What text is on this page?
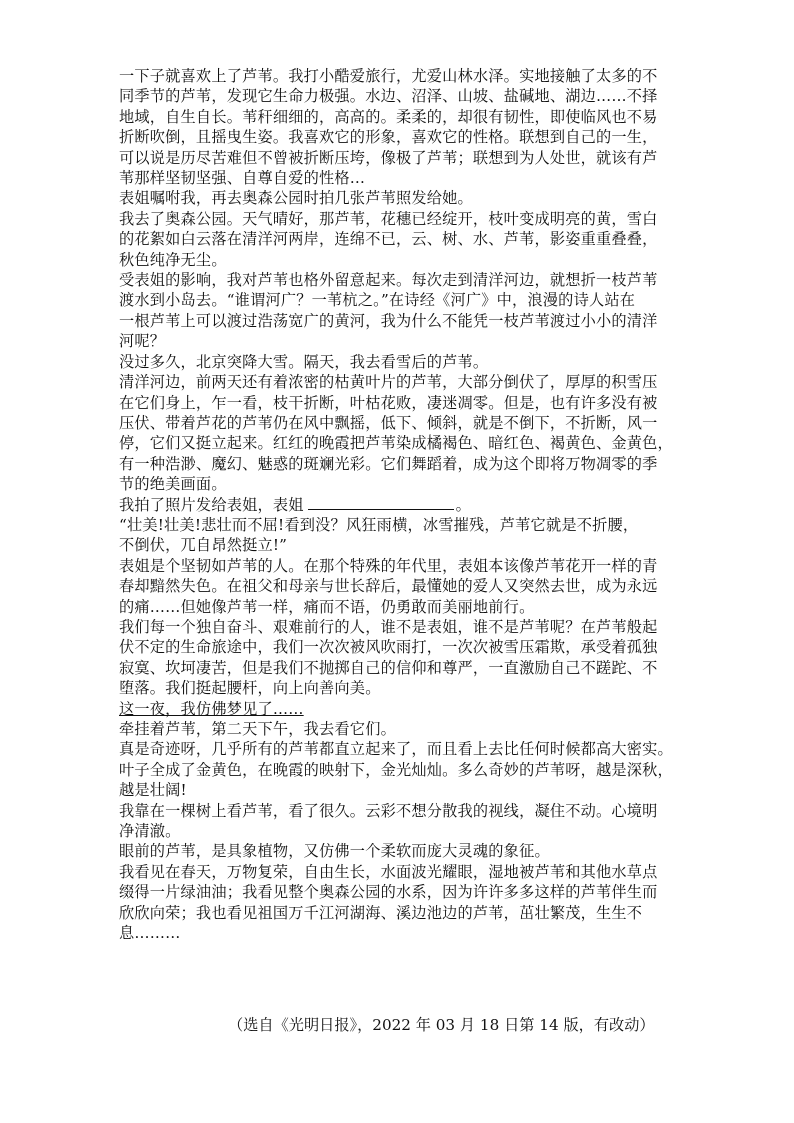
一下子就喜欢上了芦苇。我打小酷爱旅行，尤爱山林水泽。实地接触了太多的不
同季节的芦苇，发现它生命力极强。水边、沼泽、山坡、盐碱地、湖边……不择
地域，自生自长。苇秆细细的，高高的。柔柔的，却很有韧性，即使临风也不易
折断吹倒，且摇曳生姿。我喜欢它的形象，喜欢它的性格。联想到自己的一生，
可以说是历尽苦难但不曾被折断压垮，像极了芦苇；联想到为人处世，就该有芦
苇那样坚韧坚强、自尊自爱的性格…
表姐嘱咐我，再去奥森公园时拍几张芦苇照发给她。
我去了奥森公园。天气晴好，那芦苇，花穗已经绽开，枝叶变成明亮的黄，雪白
的花絮如白云落在清洋河两岸，连绵不已，云、树、水、芦苇，影姿重重叠叠，
秋色纯净无尘。
受表姐的影响，我对芦苇也格外留意起来。每次走到清洋河边，就想折一枝芦苇
渡水到小岛去。“谁谓河广？一苇杭之。”在诗经《河广》中，浪漫的诗人站在
一根芦苇上可以渡过浩荡宽广的黄河，我为什么不能凭一枝芦苇渡过小小的清洋
河呢？
没过多久，北京突降大雪。隔天，我去看雪后的芦苇。
清洋河边，前两天还有着浓密的枯黄叶片的芦苇，大部分倒伏了，厚厚的积雪压
在它们身上，乍一看，枝干折断，叶枯花败，凄迷凋零。但是，也有许多没有被
压伏、带着芦花的芦苇仍在风中飘摇，低下、倾斜，就是不倒下，不折断，风一
停，它们又挺立起来。红红的晚霞把芦苇染成橘褐色、暗红色、褐黄色、金黄色，
有一种浩渺、魔幻、魅惑的斑斓光彩。它们舞蹈着，成为这个即将万物凋零的季
节的绝美画面。
我拍了照片发给表姐，表姐	。
“壮美!壮美!悲壮而不屈!看到没？风狂雨横，冰雪摧残，芦苇它就是不折腰，
不倒伏，兀自昂然挺立!”
表姐是个坚韧如芦苇的人。在那个特殊的年代里，表姐本该像芦苇花开一样的青
春却黯然失色。在祖父和母亲与世长辞后，最懂她的爱人又突然去世，成为永远
的痛……但她像芦苇一样，痛而不语，仍勇敢而美丽地前行。
我们每一个独自奋斗、艰难前行的人，谁不是表姐，谁不是芦苇呢？在芦苇般起
伏不定的生命旅途中，我们一次次被风吹雨打，一次次被雪压霜欺，承受着孤独
寂寞、坎坷凄苦，但是我们不抛掷自己的信仰和尊严，一直激励自己不蹉跎、不
堕落。我们挺起腰杆，向上向善向美。
这一夜，我仿佛梦见了……
牵挂着芦苇，第二天下午，我去看它们。
真是奇迹呀，几乎所有的芦苇都直立起来了，而且看上去比任何时候都高大密实。
叶子全成了金黄色，在晚霞的映射下，金光灿灿。多么奇妙的芦苇呀，越是深秋，
越是壮阔!
我靠在一棵树上看芦苇，看了很久。云彩不想分散我的视线，凝住不动。心境明
净清澈。
眼前的芦苇，是具象植物，又仿佛一个柔软而庞大灵魂的象征。
我看见在春天，万物复荣，自由生长，水面波光耀眼，湿地被芦苇和其他水草点
缀得一片绿油油；我看见整个奥森公园的水系，因为许许多多这样的芦苇伴生而
欣欣向荣；我也看见祖国万千江河湖海、溪边池边的芦苇，茁壮繁茂，生生不
息………
（选自《光明日报》，2022 年 03 月 18 日第 14 版，有改动）
